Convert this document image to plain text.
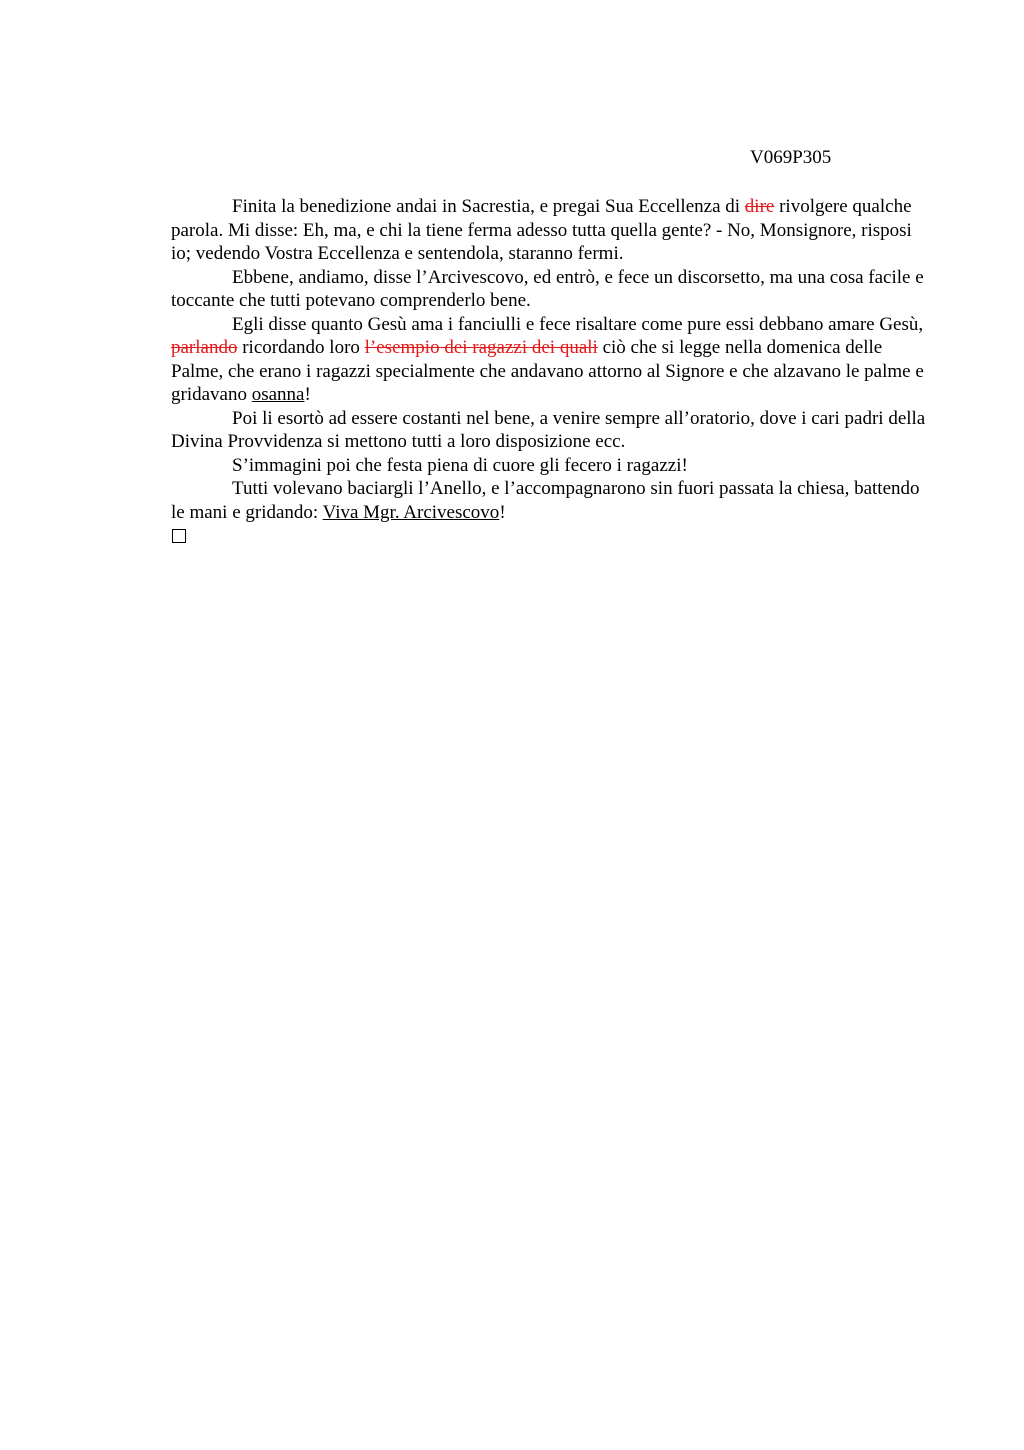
V069P305

Finita la benedizione andai in Sacrestia, e pregai Sua Eccellenza di dire rivolgere qualche parola. Mi disse: Eh, ma, e chi la tiene ferma adesso tutta quella gente? - No, Monsignore, risposi io; vedendo Vostra Eccellenza e sentendola, staranno fermi.

Ebbene, andiamo, disse l’Arcivescovo, ed entrò, e fece un discorsetto, ma una cosa facile e toccante che tutti potevano comprenderlo bene.

Egli disse quanto Gesù ama i fanciulli e fece risaltare come pure essi debbano amare Gesù, parlando ricordando loro l’esempio dei ragazzi dei quali ciò che si legge nella domenica delle Palme, che erano i ragazzi specialmente che andavano attorno al Signore e che alzavano le palme e gridavano osanna!

Poi li esortò ad essere costanti nel bene, a venire sempre all’oratorio, dove i cari padri della Divina Provvidenza si mettono tutti a loro disposizione ecc.

S’immagini poi che festa piena di cuore gli fecero i ragazzi!

Tutti volevano baciargli l’Anello, e l’accompagnarono sin fuori passata la chiesa, battendo le mani e gridando: Viva Mgr. Arcivescovo!
